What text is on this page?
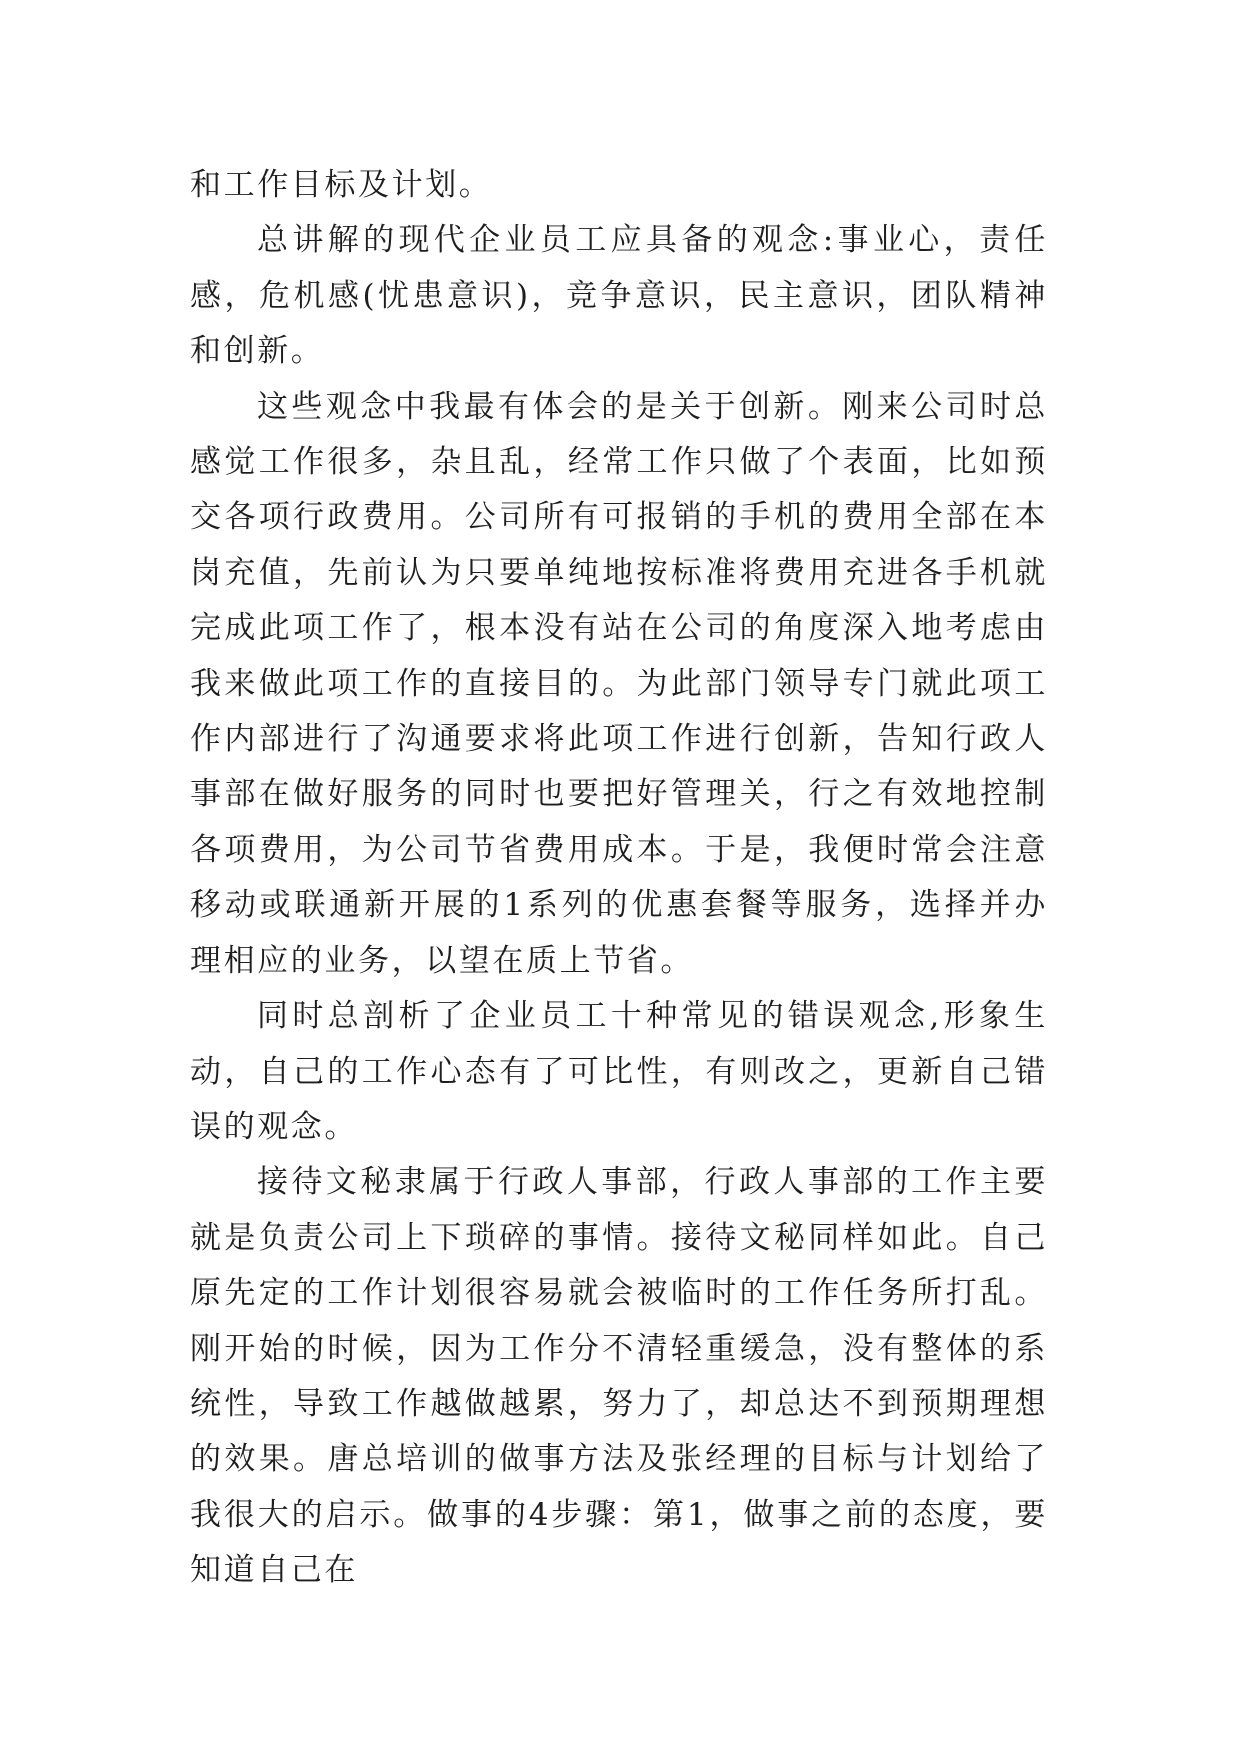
和工作目标及计划。

总讲解的现代企业员工应具备的观念:事业心，责任感，危机感(忧患意识)，竞争意识，民主意识，团队精神和创新。

这些观念中我最有体会的是关于创新。刚来公司时总感觉工作很多，杂且乱，经常工作只做了个表面，比如预交各项行政费用。公司所有可报销的手机的费用全部在本岗充值，先前认为只要单纯地按标准将费用充进各手机就完成此项工作了，根本没有站在公司的角度深入地考虑由我来做此项工作的直接目的。为此部门领导专门就此项工作内部进行了沟通要求将此项工作进行创新，告知行政人事部在做好服务的同时也要把好管理关，行之有效地控制各项费用，为公司节省费用成本。于是，我便时常会注意移动或联通新开展的1系列的优惠套餐等服务，选择并办理相应的业务，以望在质上节省。

同时总剖析了企业员工十种常见的错误观念,形象生动，自己的工作心态有了可比性，有则改之，更新自己错误的观念。

接待文秘隶属于行政人事部，行政人事部的工作主要就是负责公司上下琐碎的事情。接待文秘同样如此。自己原先定的工作计划很容易就会被临时的工作任务所打乱。刚开始的时候，因为工作分不清轻重缓急，没有整体的系统性，导致工作越做越累，努力了，却总达不到预期理想的效果。唐总培训的做事方法及张经理的目标与计划给了我很大的启示。做事的4步骤：第1，做事之前的态度，要知道自己在
